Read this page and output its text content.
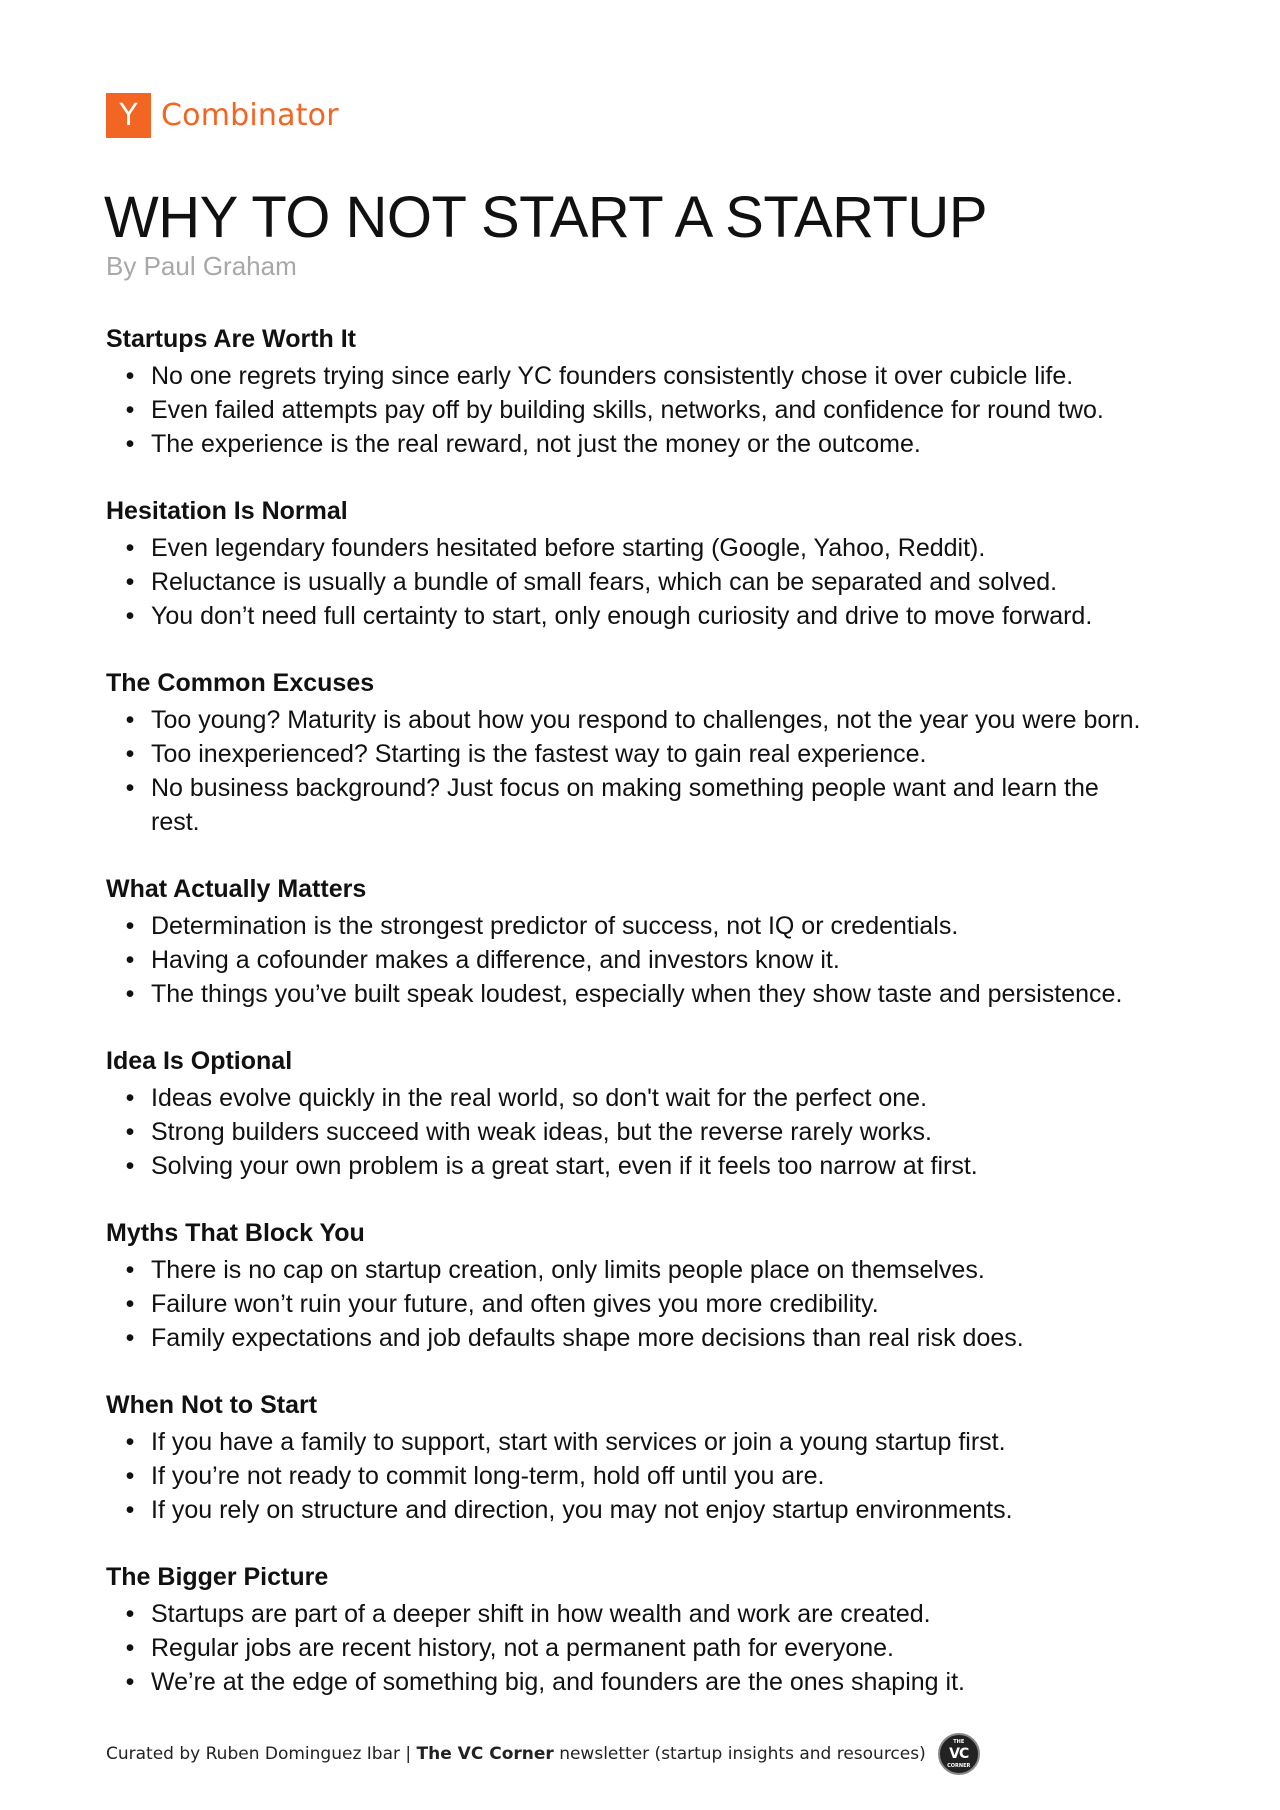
Y Combinator
WHY TO NOT START A STARTUP
By Paul Graham
Startups Are Worth It
• No one regrets trying since early YC founders consistently chose it over cubicle life.
• Even failed attempts pay off by building skills, networks, and confidence for round two.
• The experience is the real reward, not just the money or the outcome.
Hesitation Is Normal
• Even legendary founders hesitated before starting (Google, Yahoo, Reddit).
• Reluctance is usually a bundle of small fears, which can be separated and solved.
• You don’t need full certainty to start, only enough curiosity and drive to move forward.
The Common Excuses
• Too young? Maturity is about how you respond to challenges, not the year you were born.
• Too inexperienced? Starting is the fastest way to gain real experience.
• No business background? Just focus on making something people want and learn the rest.
What Actually Matters
• Determination is the strongest predictor of success, not IQ or credentials.
• Having a cofounder makes a difference, and investors know it.
• The things you’ve built speak loudest, especially when they show taste and persistence.
Idea Is Optional
• Ideas evolve quickly in the real world, so don't wait for the perfect one.
• Strong builders succeed with weak ideas, but the reverse rarely works.
• Solving your own problem is a great start, even if it feels too narrow at first.
Myths That Block You
• There is no cap on startup creation, only limits people place on themselves.
• Failure won’t ruin your future, and often gives you more credibility.
• Family expectations and job defaults shape more decisions than real risk does.
When Not to Start
• If you have a family to support, start with services or join a young startup first.
• If you’re not ready to commit long-term, hold off until you are.
• If you rely on structure and direction, you may not enjoy startup environments.
The Bigger Picture
• Startups are part of a deeper shift in how wealth and work are created.
• Regular jobs are recent history, not a permanent path for everyone.
• We’re at the edge of something big, and founders are the ones shaping it.
Curated by Ruben Dominguez Ibar | The VC Corner newsletter (startup insights and resources)
THE
VC
CORNER
